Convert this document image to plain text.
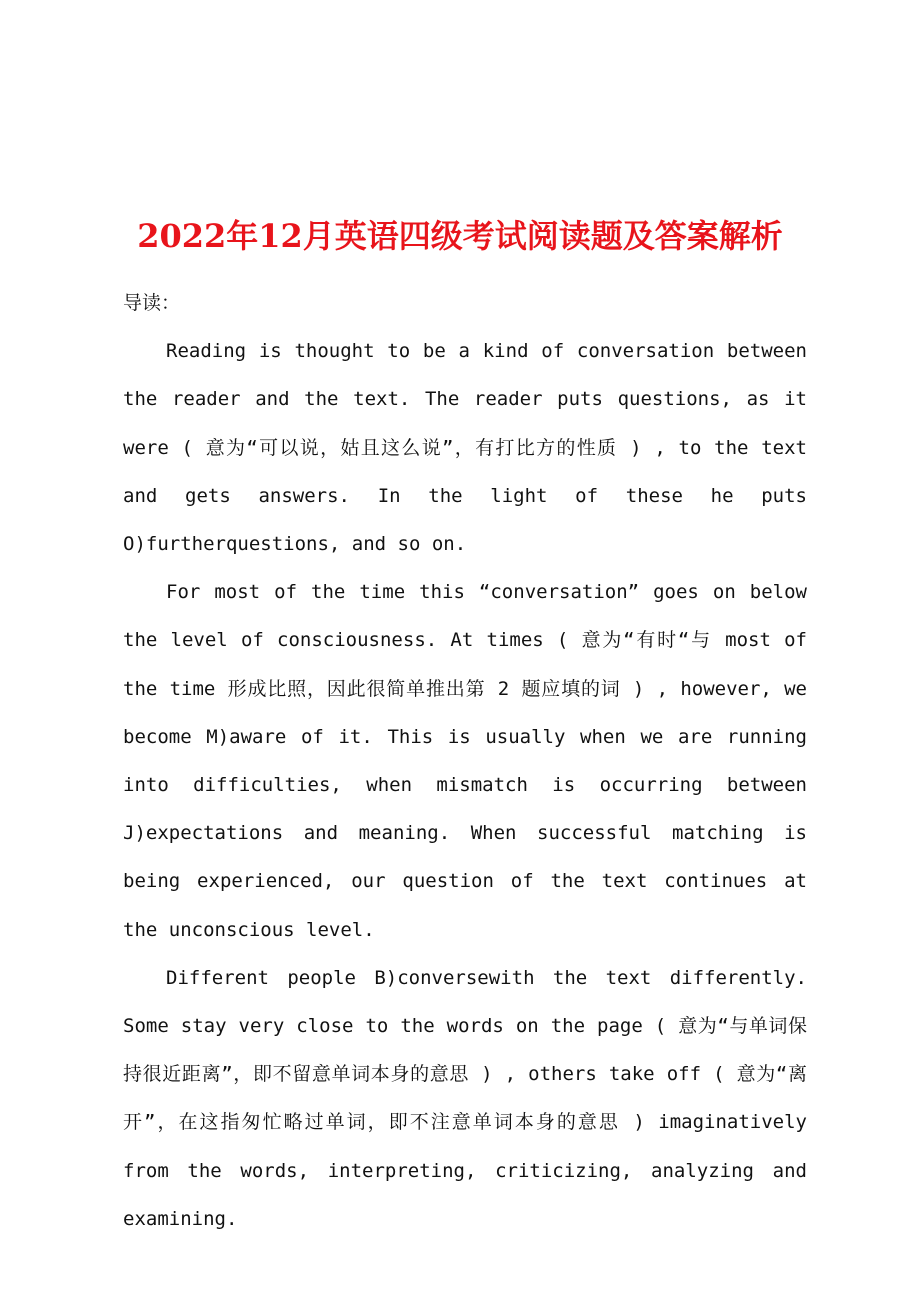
2022年12月英语四级考试阅读题及答案解析

导读：

Reading is thought to be a kind of conversation between the reader and the text. The reader puts questions, as it were ( 意为“可以说，姑且这么说”，有打比方的性质 ) , to the text and gets answers. In the light of these he puts O)furtherquestions, and so on.

For most of the time this “conversation” goes on below the level of consciousness. At times ( 意为“有时“与 most of the time 形成比照，因此很简单推出第 2 题应填的词 ) , however, we become M)aware of it. This is usually when we are running into difficulties, when mismatch is occurring between J)expectations and meaning. When successful matching is being experienced, our question of the text continues at the unconscious level.

Different people B)conversewith the text differently. Some stay very close to the words on the page ( 意为“与单词保持很近距离”，即不留意单词本身的意思 ) , others take off ( 意为“离开”，在这指匆忙略过单词，即不注意单词本身的意思 ) imaginatively from the words, interpreting, criticizing, analyzing and examining.
